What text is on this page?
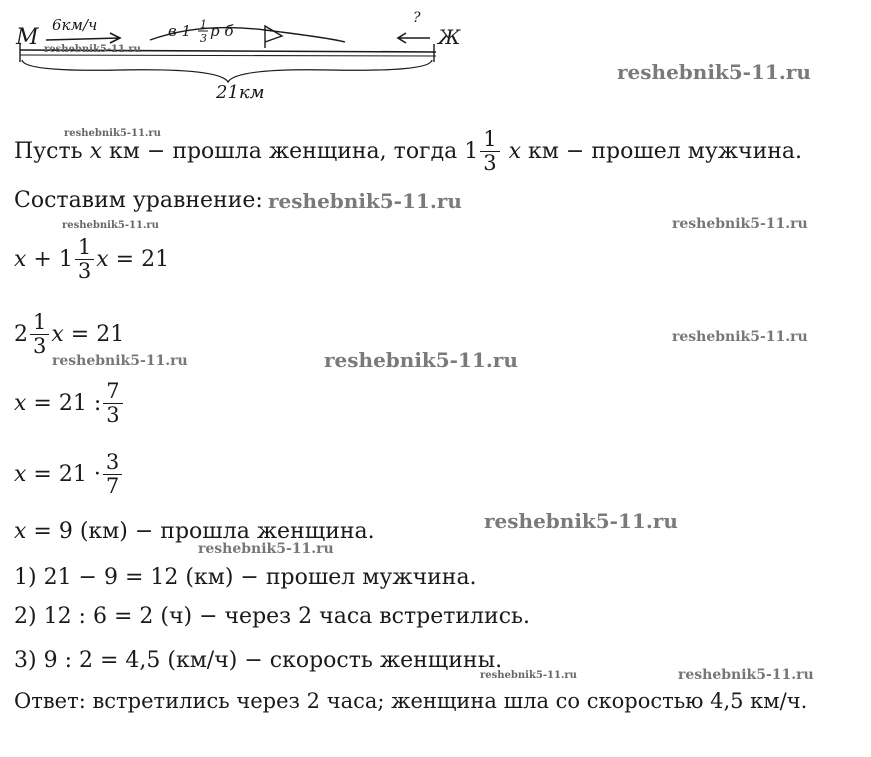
М 6км/ч	в 1 1
3 р б
?
Ж
21км
reshebnik5-11.ru
reshebnik5-11.ru
reshebnik5-11.ru
reshebnik5-11.ru
reshebnik5-11.ru	reshebnik5-11.ru
reshebnik5-11.ru
reshebnik5-11.ru	reshebnik5-11.ru
reshebnik5-11.ru
reshebnik5-11.ru
reshebnik5-11.ru	reshebnik5-11.ru
Пусть
x
км − прошла женщина, тогда $1 \frac{1}{3}$
x
км − прошел мужчина.
Составим уравнение:
x
+ $1 \frac{1}{3}$ x
= 21
$2 \frac{1}{3}$ x
= 21
x
= 21 : $\frac{7}{3}$
x
= $21 \cdot \frac{3}{7}$
x
= 9 (км) − прошла женщина.
1) 21 − 9 = 12 (км) − прошел мужчина.
2) 12 : 6 = 2 (ч) − через 2 часа встретились.
3) 9 : 2 = 4,5 (км/ч) − скорость женщины.
Ответ: встретились через 2 часа; женщина шла со скоростью 4,5 км/ч.
